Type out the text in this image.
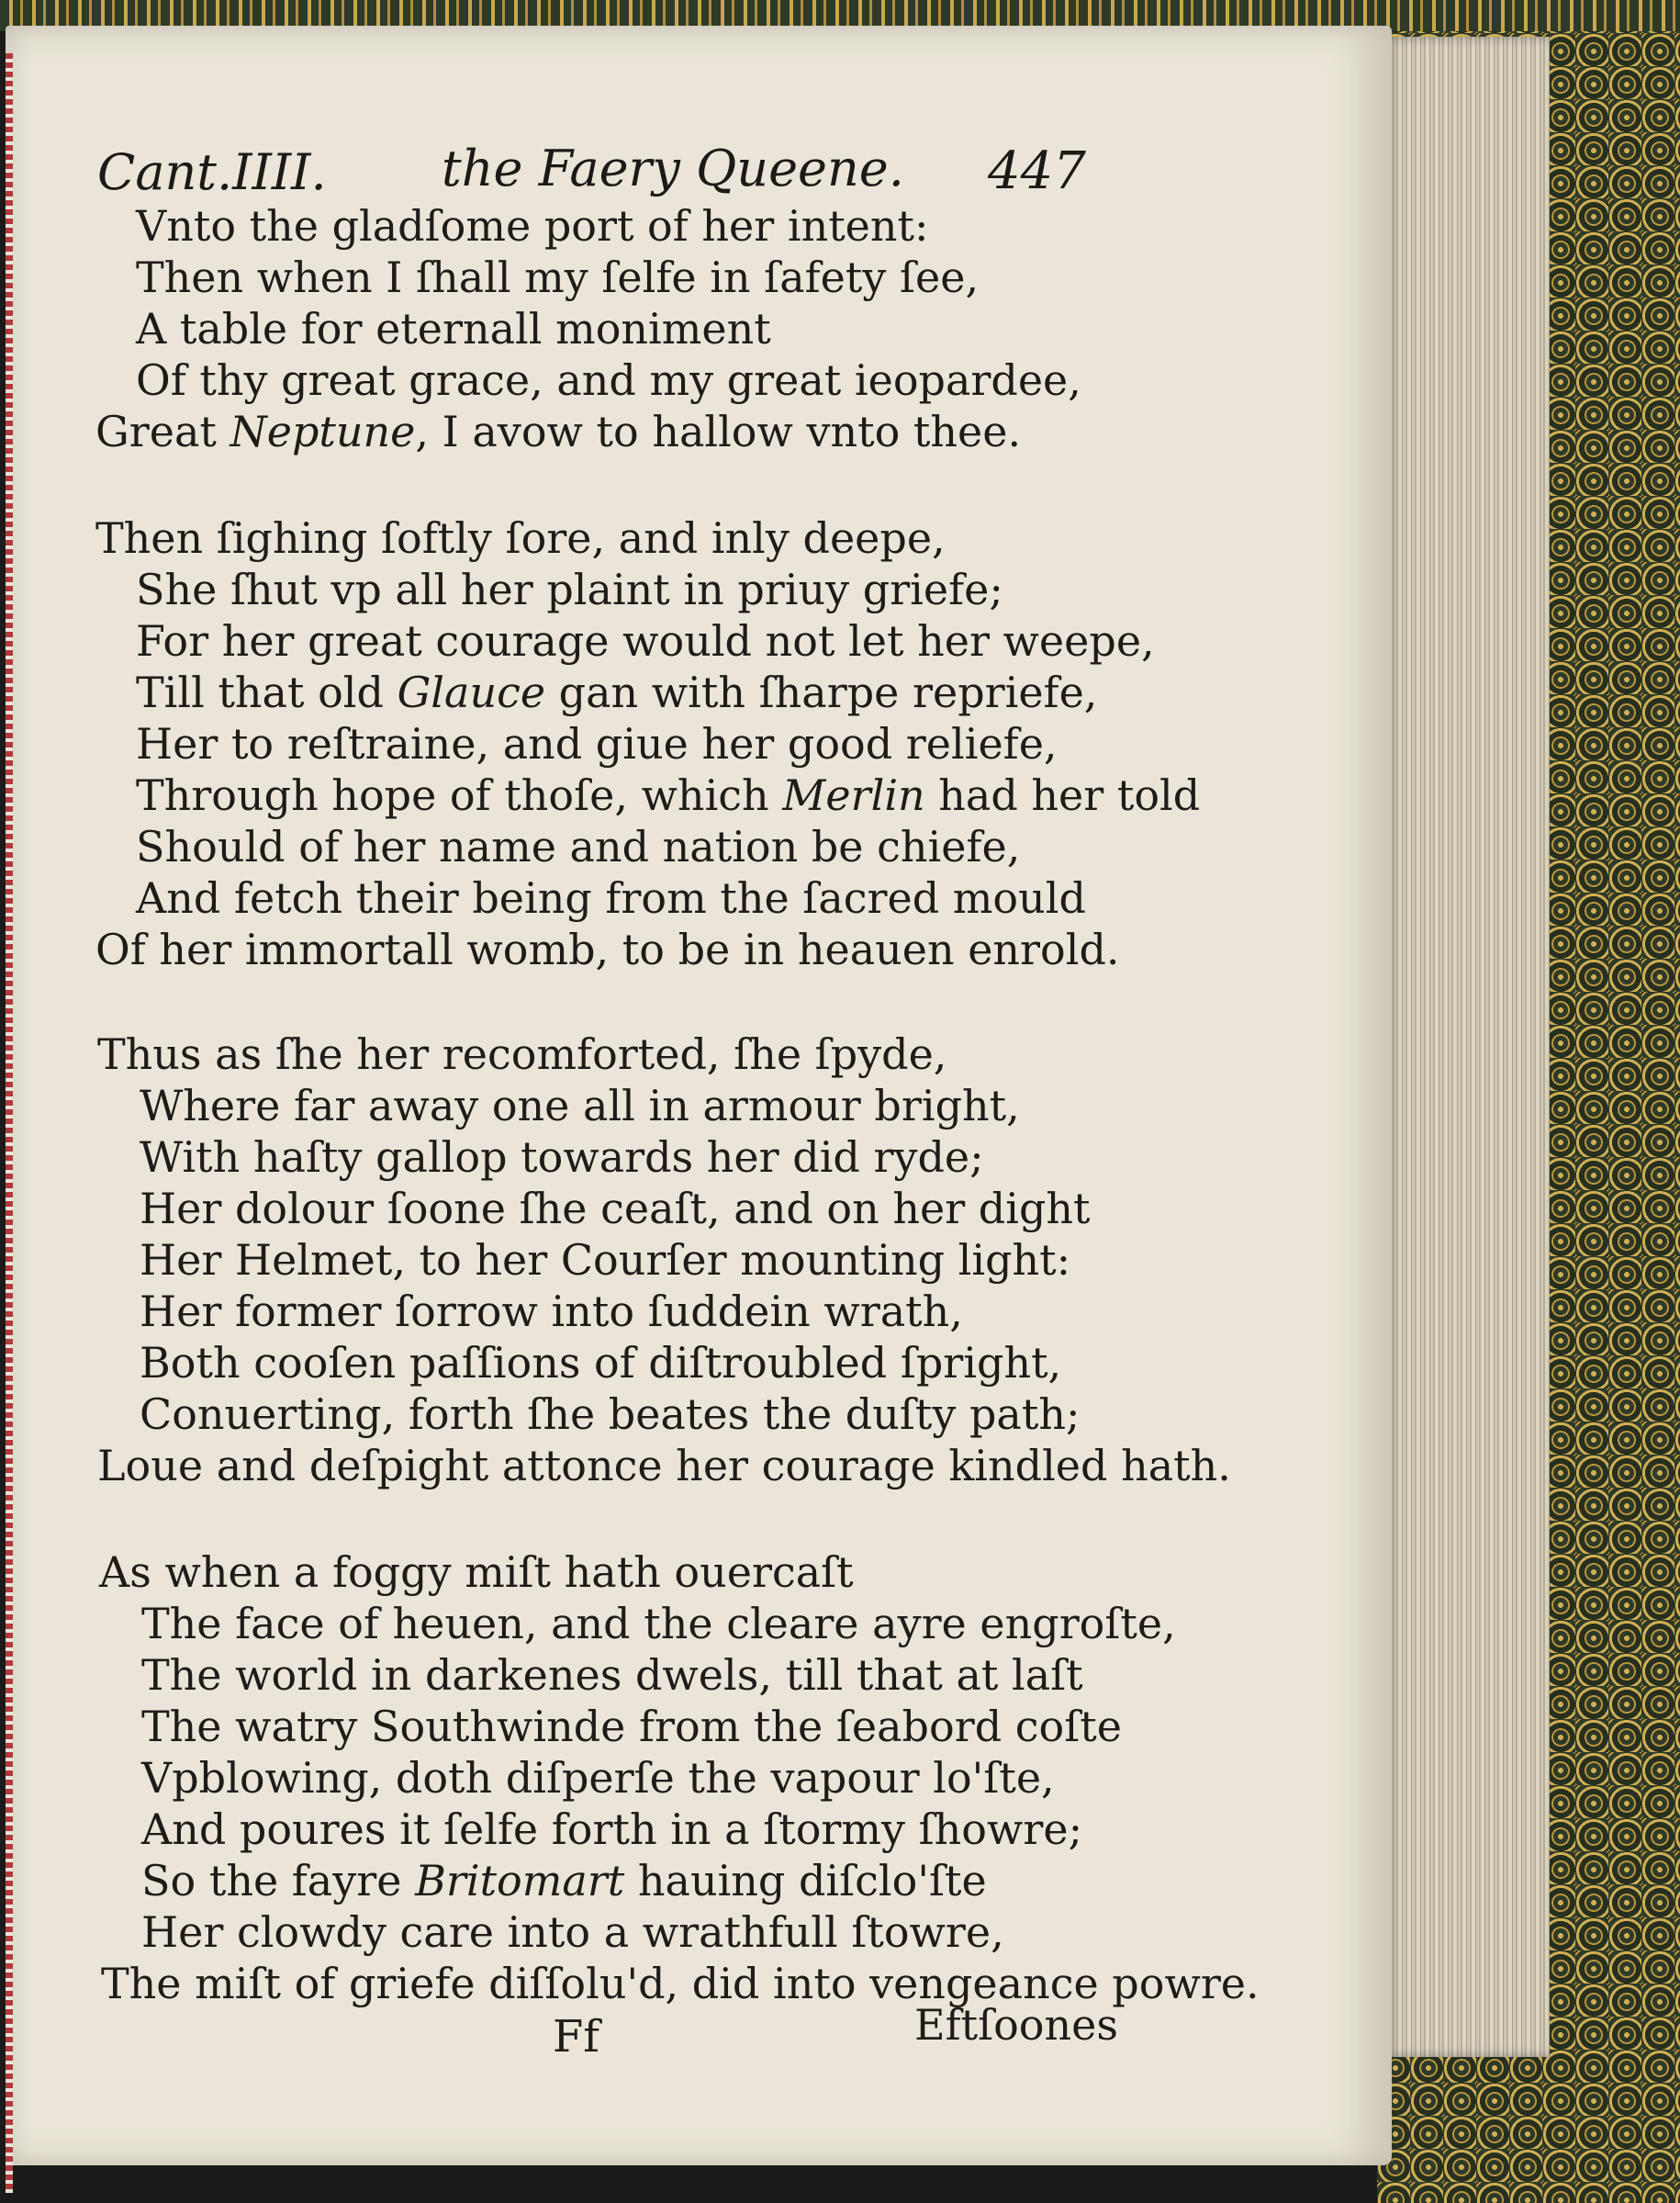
Cant.IIII. the Faery Queene. 447
Vnto the gladſome port of her intent:
Then when I ſhall my ſelfe in ſafety ſee,
A table for eternall moniment
Of thy great grace, and my great ieopardee,
Great Neptune, I avow to hallow vnto thee.
Then ſighing ſoftly ſore, and inly deepe,
She ſhut vp all her plaint in priuy griefe;
For her great courage would not let her weepe,
Till that old Glauce gan with ſharpe repriefe,
Her to reſtraine, and giue her good reliefe,
Through hope of thoſe, which Merlin had her told
Should of her name and nation be chiefe,
And fetch their being from the ſacred mould
Of her immortall womb, to be in heauen enrold.
Thus as ſhe her recomforted, ſhe ſpyde,
Where far away one all in armour bright,
With haſty gallop towards her did ryde;
Her dolour ſoone ſhe ceaſt, and on her dight
Her Helmet, to her Courſer mounting light:
Her former ſorrow into ſuddein wrath,
Both cooſen paſſions of diſtroubled ſpright,
Conuerting, forth ſhe beates the duſty path;
Loue and deſpight attonce her courage kindled hath.
As when a foggy miſt hath ouercaſt
The face of heuen, and the cleare ayre engroſte,
The world in darkenes dwels, till that at laſt
The watry Southwinde from the ſeabord coſte
Vpblowing, doth diſperſe the vapour lo'ſte,
And poures it ſelfe forth in a ſtormy ſhowre;
So the fayre Britomart hauing diſclo'ſte
Her clowdy care into a wrathfull ſtowre,
The miſt of griefe diſſolu'd, did into vengeance powre.
Ff	Eftſoones
